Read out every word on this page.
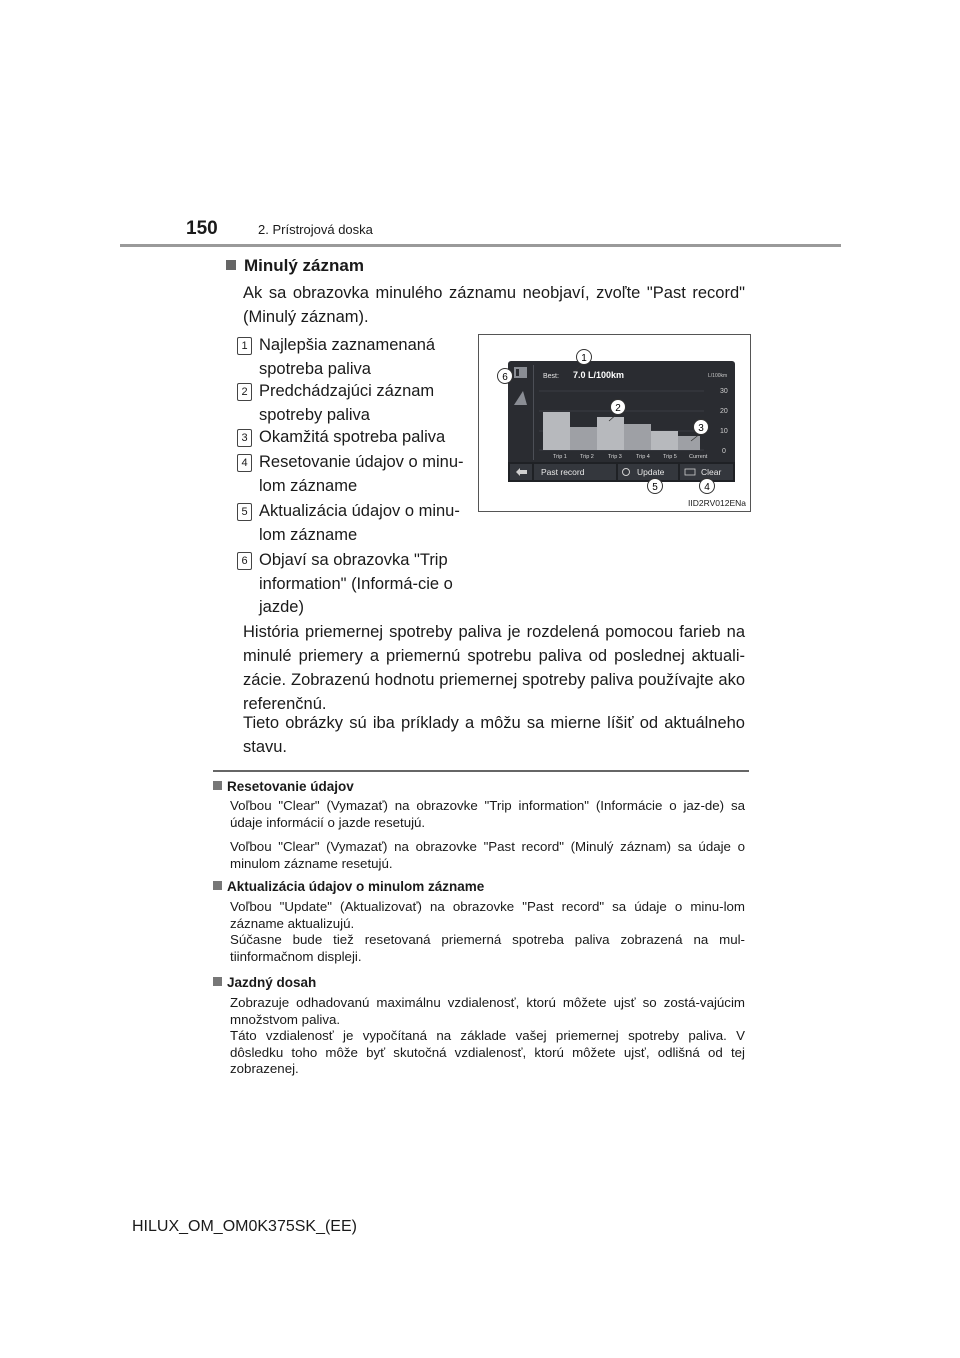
150	2. Prístrojová doska
Minulý záznam
Ak sa obrazovka minulého záznamu neobjaví, zvoľte "Past record" (Minulý záznam).
1 Najlepšia zaznamenaná spotreba paliva
2 Predchádzajúci záznam spotreby paliva
3 Okamžitá spotreba paliva
4 Resetovanie údajov o minu-lom zázname
5 Aktualizácia údajov o minu-lom zázname
6 Objaví sa obrazovka "Trip information" (Informá-cie o jazde)
Best: 7.0 L/100km	L/100km
30
20
10
0
Trip 1 Trip 2	Trip 3	Trip 4 Trip 5 Current
Past record	Update	Clear
1
2
3
4
5
6
IID2RV012ENa
História priemernej spotreby paliva je rozdelená pomocou farieb na minulé priemery a priemernú spotrebu paliva od poslednej aktuali-zácie. Zobrazenú hodnotu priemernej spotreby paliva používajte ako referenčnú.
Tieto obrázky sú iba príklady a môžu sa mierne líšiť od aktuálneho stavu.
Resetovanie údajov
Voľbou "Clear" (Vymazať) na obrazovke "Trip information" (Informácie o jaz-de) sa údaje informácií o jazde resetujú.
Voľbou "Clear" (Vymazať) na obrazovke "Past record" (Minulý záznam) sa údaje o minulom zázname resetujú.
Aktualizácia údajov o minulom zázname
Voľbou "Update" (Aktualizovať) na obrazovke "Past record" sa údaje o minu-lom zázname aktualizujú.
Súčasne bude tiež resetovaná priemerná spotreba paliva zobrazená na mul-tiinformačnom displeji.
Jazdný dosah
Zobrazuje odhadovanú maximálnu vzdialenosť, ktorú môžete ujsť so zostá-vajúcim množstvom paliva.
Táto vzdialenosť je vypočítaná na základe vašej priemernej spotreby paliva. V dôsledku toho môže byť skutočná vzdialenosť, ktorú môžete ujsť, odlišná od tej zobrazenej.
HILUX_OM_OM0K375SK_(EE)
